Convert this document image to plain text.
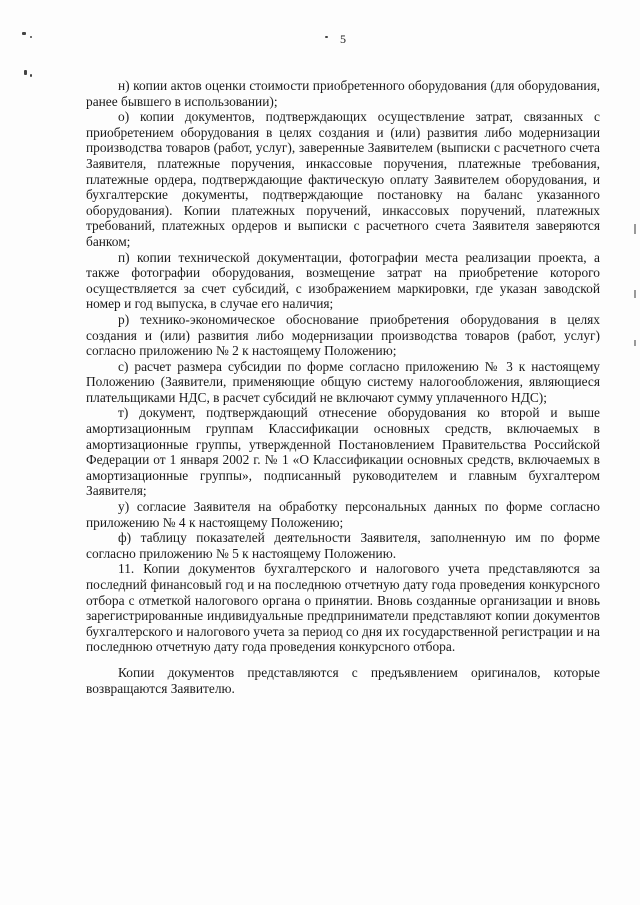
5

н) копии актов оценки стоимости приобретенного оборудования (для оборудования, ранее бывшего в использовании);

о) копии документов, подтверждающих осуществление затрат, связанных с приобретением оборудования в целях создания и (или) развития либо модернизации производства товаров (работ, услуг), заверенные Заявителем (выписки с расчетного счета Заявителя, платежные поручения, инкассовые поручения, платежные требования, платежные ордера, подтверждающие фактическую оплату Заявителем оборудования, и бухгалтерские документы, подтверждающие постановку на баланс указанного оборудования). Копии платежных поручений, инкассовых поручений, платежных требований, платежных ордеров и выписки с расчетного счета Заявителя заверяются банком;

п) копии технической документации, фотографии места реализации проекта, а также фотографии оборудования, возмещение затрат на приобретение которого осуществляется за счет субсидий, с изображением маркировки, где указан заводской номер и год выпуска, в случае его наличия;

р) технико-экономическое обоснование приобретения оборудования в целях создания и (или) развития либо модернизации производства товаров (работ, услуг) согласно приложению № 2 к настоящему Положению;

с) расчет размера субсидии по форме согласно приложению № 3 к настоящему Положению (Заявители, применяющие общую систему налогообложения, являющиеся плательщиками НДС, в расчет субсидий не включают сумму уплаченного НДС);

т) документ, подтверждающий отнесение оборудования ко второй и выше амортизационным группам Классификации основных средств, включаемых в амортизационные группы, утвержденной Постановлением Правительства Российской Федерации от 1 января 2002 г. № 1 «О Классификации основных средств, включаемых в амортизационные группы», подписанный руководителем и главным бухгалтером Заявителя;

у) согласие Заявителя на обработку персональных данных по форме согласно приложению № 4 к настоящему Положению;

ф) таблицу показателей деятельности Заявителя, заполненную им по форме согласно приложению № 5 к настоящему Положению.

11. Копии документов бухгалтерского и налогового учета представляются за последний финансовый год и на последнюю отчетную дату года проведения конкурсного отбора с отметкой налогового органа о принятии. Вновь созданные организации и вновь зарегистрированные индивидуальные предприниматели представляют копии документов бухгалтерского и налогового учета за период со дня их государственной регистрации и на последнюю отчетную дату года проведения конкурсного отбора.

Копии документов представляются с предъявлением оригиналов, которые возвращаются Заявителю.
